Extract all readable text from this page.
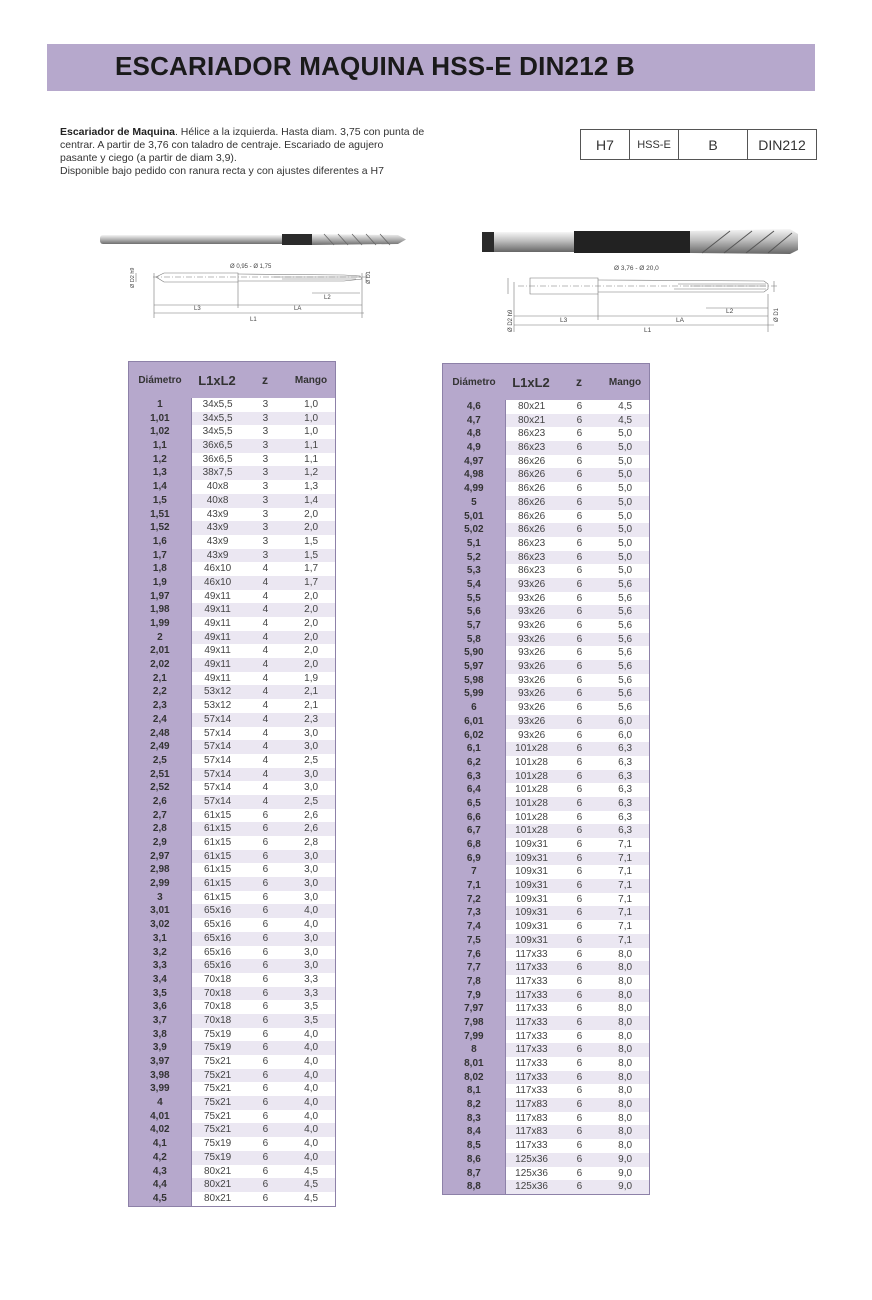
ESCARIADOR MAQUINA HSS-E DIN212 B
Escariador de Maquina. Hélice a la izquierda. Hasta diam. 3,75 con punta de
centrar. A partir de 3,76 con taladro de centraje. Escariado de agujero
pasante y ciego (a partir de diam 3,9).
Disponible bajo pedido con ranura recta y con ajustes diferentes a H7
H7	HSS-E	B	DIN212
Ø 0,95 - Ø 1,75
Ø D2 h9	Ø D1
L3	LA
L2
L1
Ø 3,76 - Ø 20,0
Ø D2 h9	Ø D1
L3	LA
L2
L1
Diámetro	L1xL2	z	Mango
1	34x5,5	3	1,0
1,01	34x5,5	3	1,0
1,02	34x5,5	3	1,0
1,1	36x6,5	3	1,1
1,2	36x6,5	3	1,1
1,3	38x7,5	3	1,2
1,4	40x8	3	1,3
1,5	40x8	3	1,4
1,51	43x9	3	2,0
1,52	43x9	3	2,0
1,6	43x9	3	1,5
1,7	43x9	3	1,5
1,8	46x10	4	1,7
1,9	46x10	4	1,7
1,97	49x11	4	2,0
1,98	49x11	4	2,0
1,99	49x11	4	2,0
2	49x11	4	2,0
2,01	49x11	4	2,0
2,02	49x11	4	2,0
2,1	49x11	4	1,9
2,2	53x12	4	2,1
2,3	53x12	4	2,1
2,4	57x14	4	2,3
2,48	57x14	4	3,0
2,49	57x14	4	3,0
2,5	57x14	4	2,5
2,51	57x14	4	3,0
2,52	57x14	4	3,0
2,6	57x14	4	2,5
2,7	61x15	6	2,6
2,8	61x15	6	2,6
2,9	61x15	6	2,8
2,97	61x15	6	3,0
2,98	61x15	6	3,0
2,99	61x15	6	3,0
3	61x15	6	3,0
3,01	65x16	6	4,0
3,02	65x16	6	4,0
3,1	65x16	6	3,0
3,2	65x16	6	3,0
3,3	65x16	6	3,0
3,4	70x18	6	3,3
3,5	70x18	6	3,3
3,6	70x18	6	3,5
3,7	70x18	6	3,5
3,8	75x19	6	4,0
3,9	75x19	6	4,0
3,97	75x21	6	4,0
3,98	75x21	6	4,0
3,99	75x21	6	4,0
4	75x21	6	4,0
4,01	75x21	6	4,0
4,02	75x21	6	4,0
4,1	75x19	6	4,0
4,2	75x19	6	4,0
4,3	80x21	6	4,5
4,4	80x21	6	4,5
4,5	80x21	6	4,5
Diámetro	L1xL2	z	Mango
4,6	80x21	6	4,5
4,7	80x21	6	4,5
4,8	86x23	6	5,0
4,9	86x23	6	5,0
4,97	86x26	6	5,0
4,98	86x26	6	5,0
4,99	86x26	6	5,0
5	86x26	6	5,0
5,01	86x26	6	5,0
5,02	86x26	6	5,0
5,1	86x23	6	5,0
5,2	86x23	6	5,0
5,3	86x23	6	5,0
5,4	93x26	6	5,6
5,5	93x26	6	5,6
5,6	93x26	6	5,6
5,7	93x26	6	5,6
5,8	93x26	6	5,6
5,90	93x26	6	5,6
5,97	93x26	6	5,6
5,98	93x26	6	5,6
5,99	93x26	6	5,6
6	93x26	6	5,6
6,01	93x26	6	6,0
6,02	93x26	6	6,0
6,1	101x28	6	6,3
6,2	101x28	6	6,3
6,3	101x28	6	6,3
6,4	101x28	6	6,3
6,5	101x28	6	6,3
6,6	101x28	6	6,3
6,7	101x28	6	6,3
6,8	109x31	6	7,1
6,9	109x31	6	7,1
7	109x31	6	7,1
7,1	109x31	6	7,1
7,2	109x31	6	7,1
7,3	109x31	6	7,1
7,4	109x31	6	7,1
7,5	109x31	6	7,1
7,6	117x33	6	8,0
7,7	117x33	6	8,0
7,8	117x33	6	8,0
7,9	117x33	6	8,0
7,97	117x33	6	8,0
7,98	117x33	6	8,0
7,99	117x33	6	8,0
8	117x33	6	8,0
8,01	117x33	6	8,0
8,02	117x33	6	8,0
8,1	117x33	6	8,0
8,2	117x83	6	8,0
8,3	117x83	6	8,0
8,4	117x83	6	8,0
8,5	117x33	6	8,0
8,6	125x36	6	9,0
8,7	125x36	6	9,0
8,8	125x36	6	9,0
